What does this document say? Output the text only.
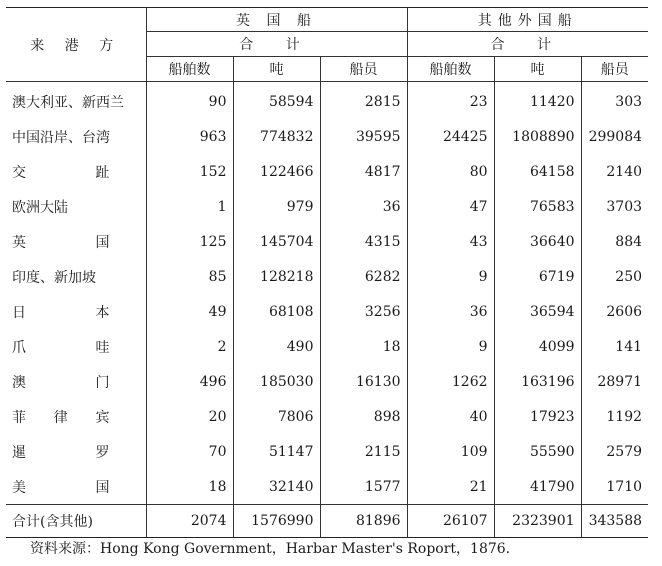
来 港 方	英 国 船			其他外国船		
	合 计			合 计		
	船舶数	吨	船员	船舶数	吨	船员
澳大利亚、新西兰	90	58594	2815	23	11420	303
中国沿岸、台湾	963	774832	39595	24425	1808890	299084
交 趾	152	122466	4817	80	64158	2140
欧洲大陆	1	979	36	47	76583	3703
英 国	125	145704	4315	43	36640	884
印度、新加坡	85	128218	6282	9	6719	250
日 本	49	68108	3256	36	36594	2606
爪 哇	2	490	18	9	4099	141
澳 门	496	185030	16130	1262	163196	28971
菲 律 宾	20	7806	898	40	17923	1192
暹 罗	70	51147	2115	109	55590	2579
美 国	18	32140	1577	21	41790	1710
合计(含其他)	2074	1576990	81896	26107	2323901	343588
资料来源：Hong Kong Government，Harbar Master's Roport，1876.
